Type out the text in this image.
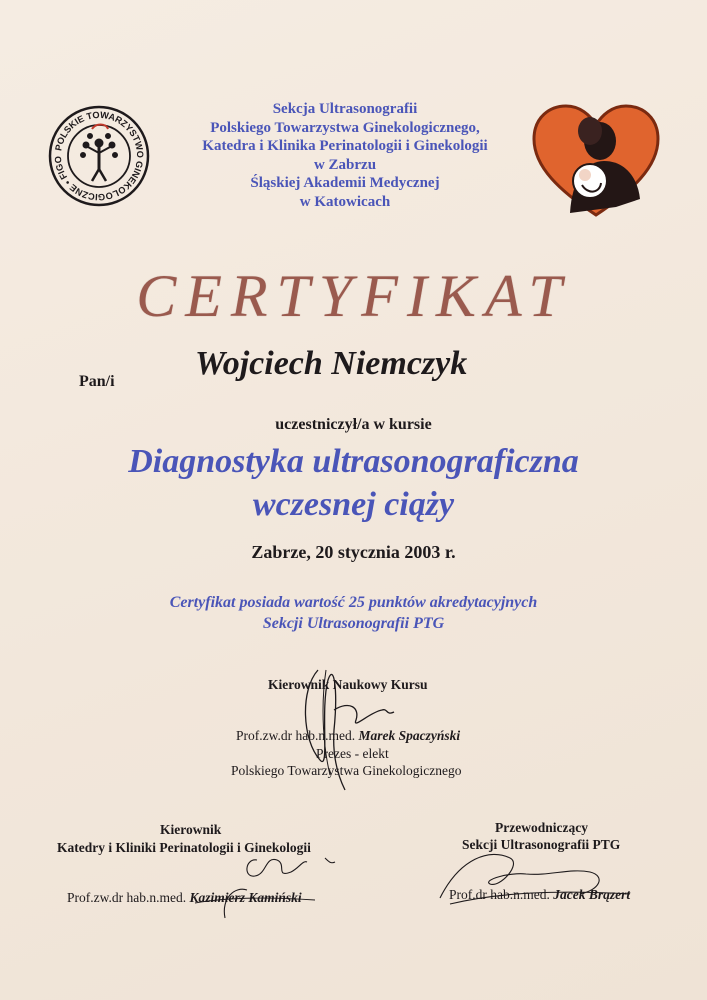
POLSKIE TOWARZYSTWO GINEKOLOGICZNE • FIGO
Sekcja Ultrasonografii
Polskiego Towarzystwa Ginekologicznego,
Katedra i Klinika Perinatologii i Ginekologii
w Zabrzu
Śląskiej Akademii Medycznej
w Katowicach
CERTYFIKAT
Pan/i Wojciech Niemczyk
uczestniczył/a w kursie
Diagnostyka ultrasonograficzna
wczesnej ciąży
Zabrze, 20 stycznia 2003 r.
Certyfikat posiada wartość 25 punktów akredytacyjnych
Sekcji Ultrasonografii PTG
Kierownik Naukowy Kursu
Prof.zw.dr hab.n.med. Marek Spaczyński
Prezes - elekt
Polskiego Towarzystwa Ginekologicznego
Kierownik
Katedry i Kliniki Perinatologii i Ginekologii
Prof.zw.dr hab.n.med. Kazimierz Kamiński
Przewodniczący
Sekcji Ultrasonografii PTG
Prof.dr hab.n.med. Jacek Brązert
